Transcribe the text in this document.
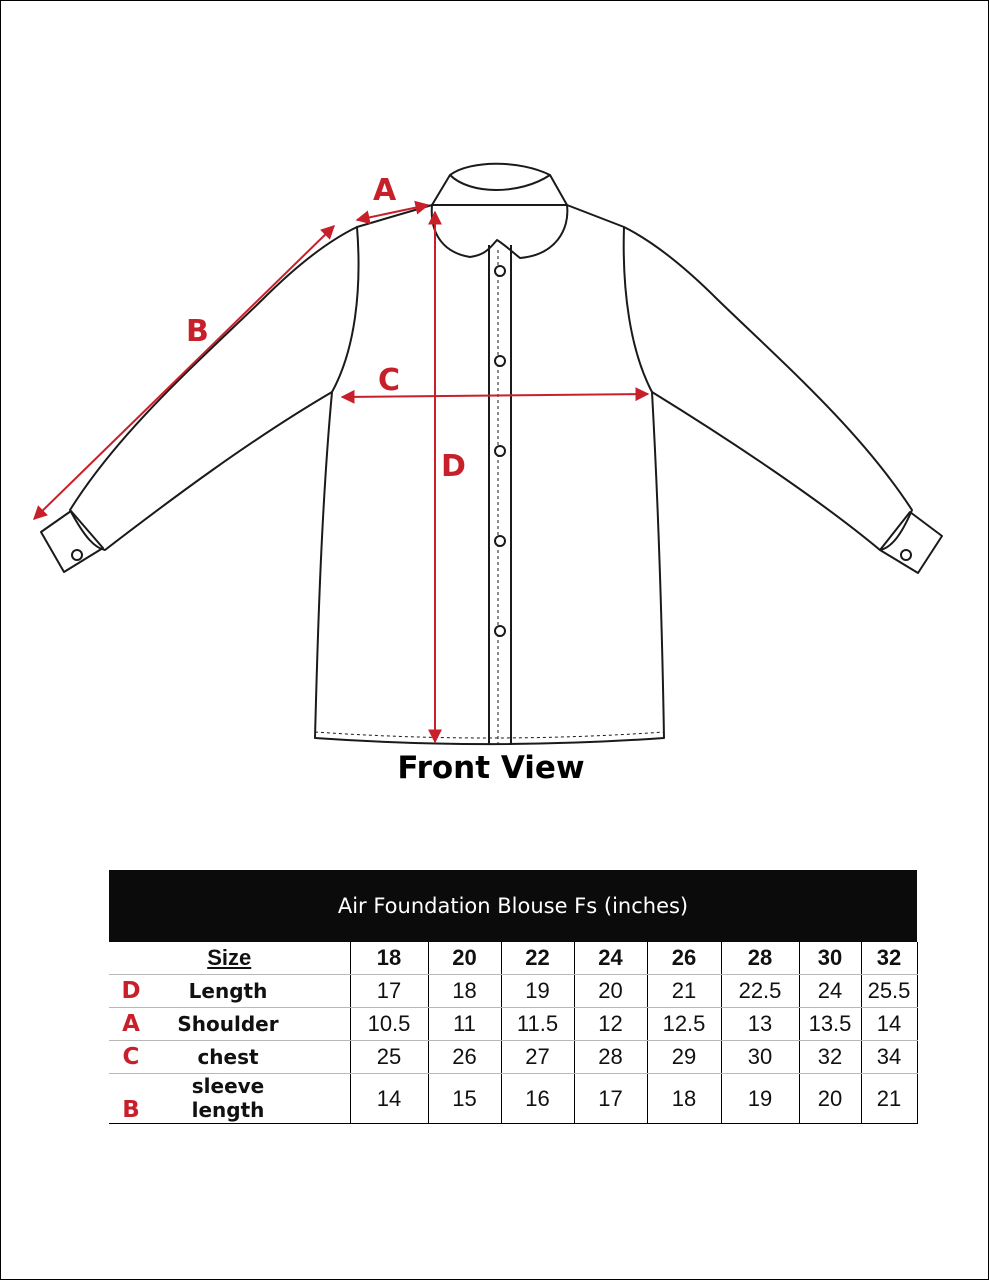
A
B
C
D
Front View
Air Foundation Blouse Fs (inches)
Size	18	20	22	24	26	28	30	32
D Length	17	18	19	20	21	22.5	24	25.5
A Shoulder	10.5	11	11.5	12	12.5	13	13.5	14
C chest	25	26	27	28	29	30	32	34
Bsleeve length	14	15	16	17	18	19	20	21
